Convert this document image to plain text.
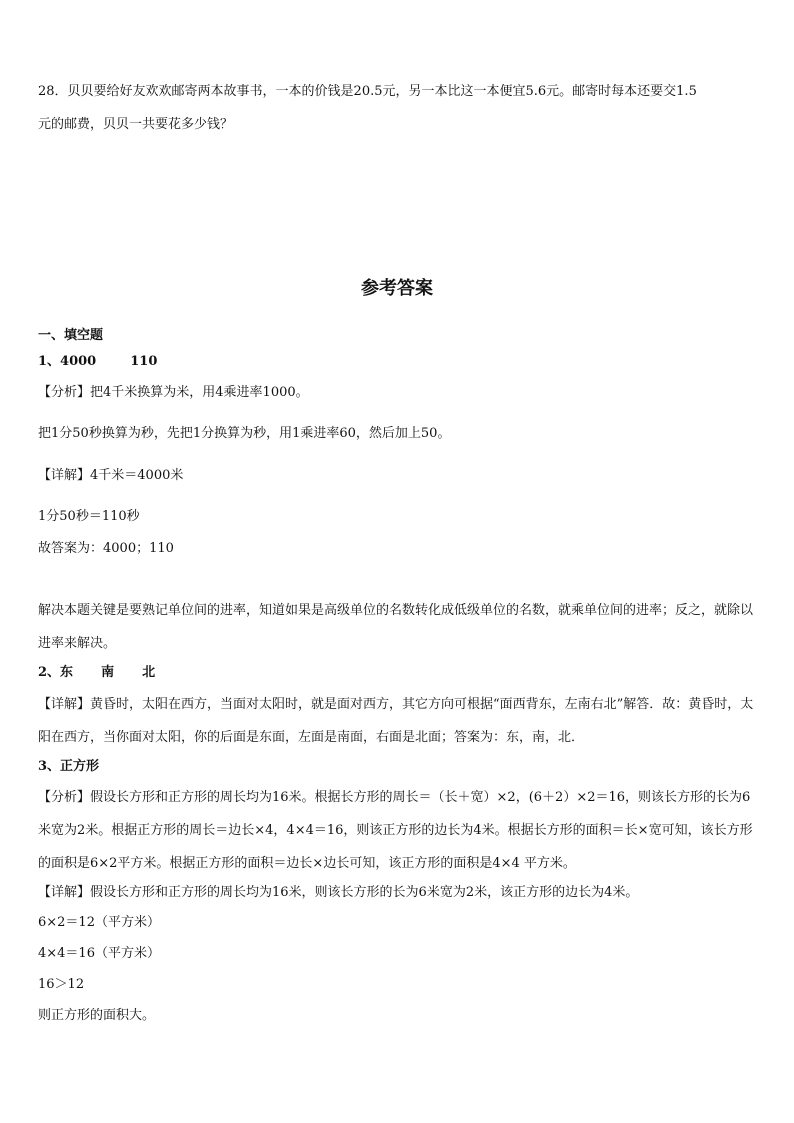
28．贝贝要给好友欢欢邮寄两本故事书，一本的价钱是20.5元，另一本比这一本便宜5.6元。邮寄时每本还要交1.5
元的邮费，贝贝一共要花多少钱？
参考答案
一、填空题
1、4000	110
【分析】把4千米换算为米，用4乘进率1000。
把1分50秒换算为秒，先把1分换算为秒，用1乘进率60，然后加上50。
【详解】4千米＝4000米
1分50秒＝110秒
故答案为：4000；110
解决本题关键是要熟记单位间的进率，知道如果是高级单位的名数转化成低级单位的名数，就乘单位间的进率；反之，就除以进率来解决。
2、东 南 北
【详解】黄昏时，太阳在西方，当面对太阳时，就是面对西方，其它方向可根据“面西背东，左南右北”解答．故：黄昏时，太阳在西方，当你面对太阳，你的后面是东面，左面是南面，右面是北面；答案为：东，南，北．
3、正方形
【分析】假设长方形和正方形的周长均为16米。根据长方形的周长＝（长＋宽）×2，(6＋2）×2＝16，则该长方形的长为6米宽为2米。根据正方形的周长＝边长×4，4×4＝16，则该正方形的边长为4米。根据长方形的面积＝长×宽可知，该长方形的面积是6×2平方米。根据正方形的面积＝边长×边长可知，该正方形的面积是4×4 平方米。
【详解】假设长方形和正方形的周长均为16米，则该长方形的长为6米宽为2米，该正方形的边长为4米。
6×2＝12（平方米）
4×4＝16（平方米）
16＞12
则正方形的面积大。
